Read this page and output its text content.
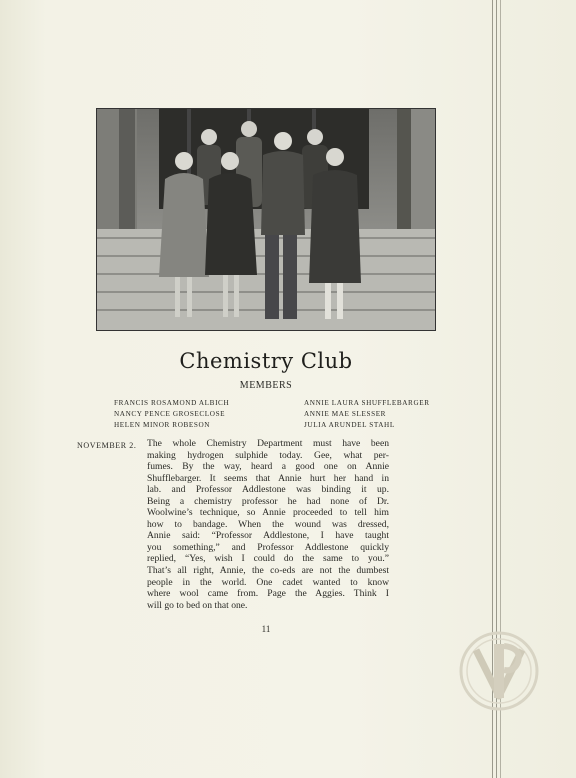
Chemistry Club
MEMBERS
FRANCIS ROSAMOND ALBICH
NANCY PENCE GROSECLOSE
HELEN MINOR ROBESON
ANNIE LAURA SHUFFLEBARGER
ANNIE MAE SLESSER
JULIA ARUNDEL STAHL
NOVEMBER 2. The whole Chemistry Department must have been
making hydrogen sulphide today. Gee, what per-
fumes. By the way, heard a good one on Annie
Shufflebarger. It seems that Annie hurt her hand in
lab. and Professor Addlestone was binding it up.
Being a chemistry professor he had none of Dr.
Woolwine’s technique, so Annie proceeded to tell him
how to bandage. When the wound was dressed,
Annie said: “Professor Addlestone, I have taught
you something,” and Professor Addlestone quickly
replied, “Yes, wish I could do the same to you.”
That’s all right, Annie, the co-eds are not the dumbest
people in the world. One cadet wanted to know
where wool came from. Page the Aggies. Think I
will go to bed on that one.
11
